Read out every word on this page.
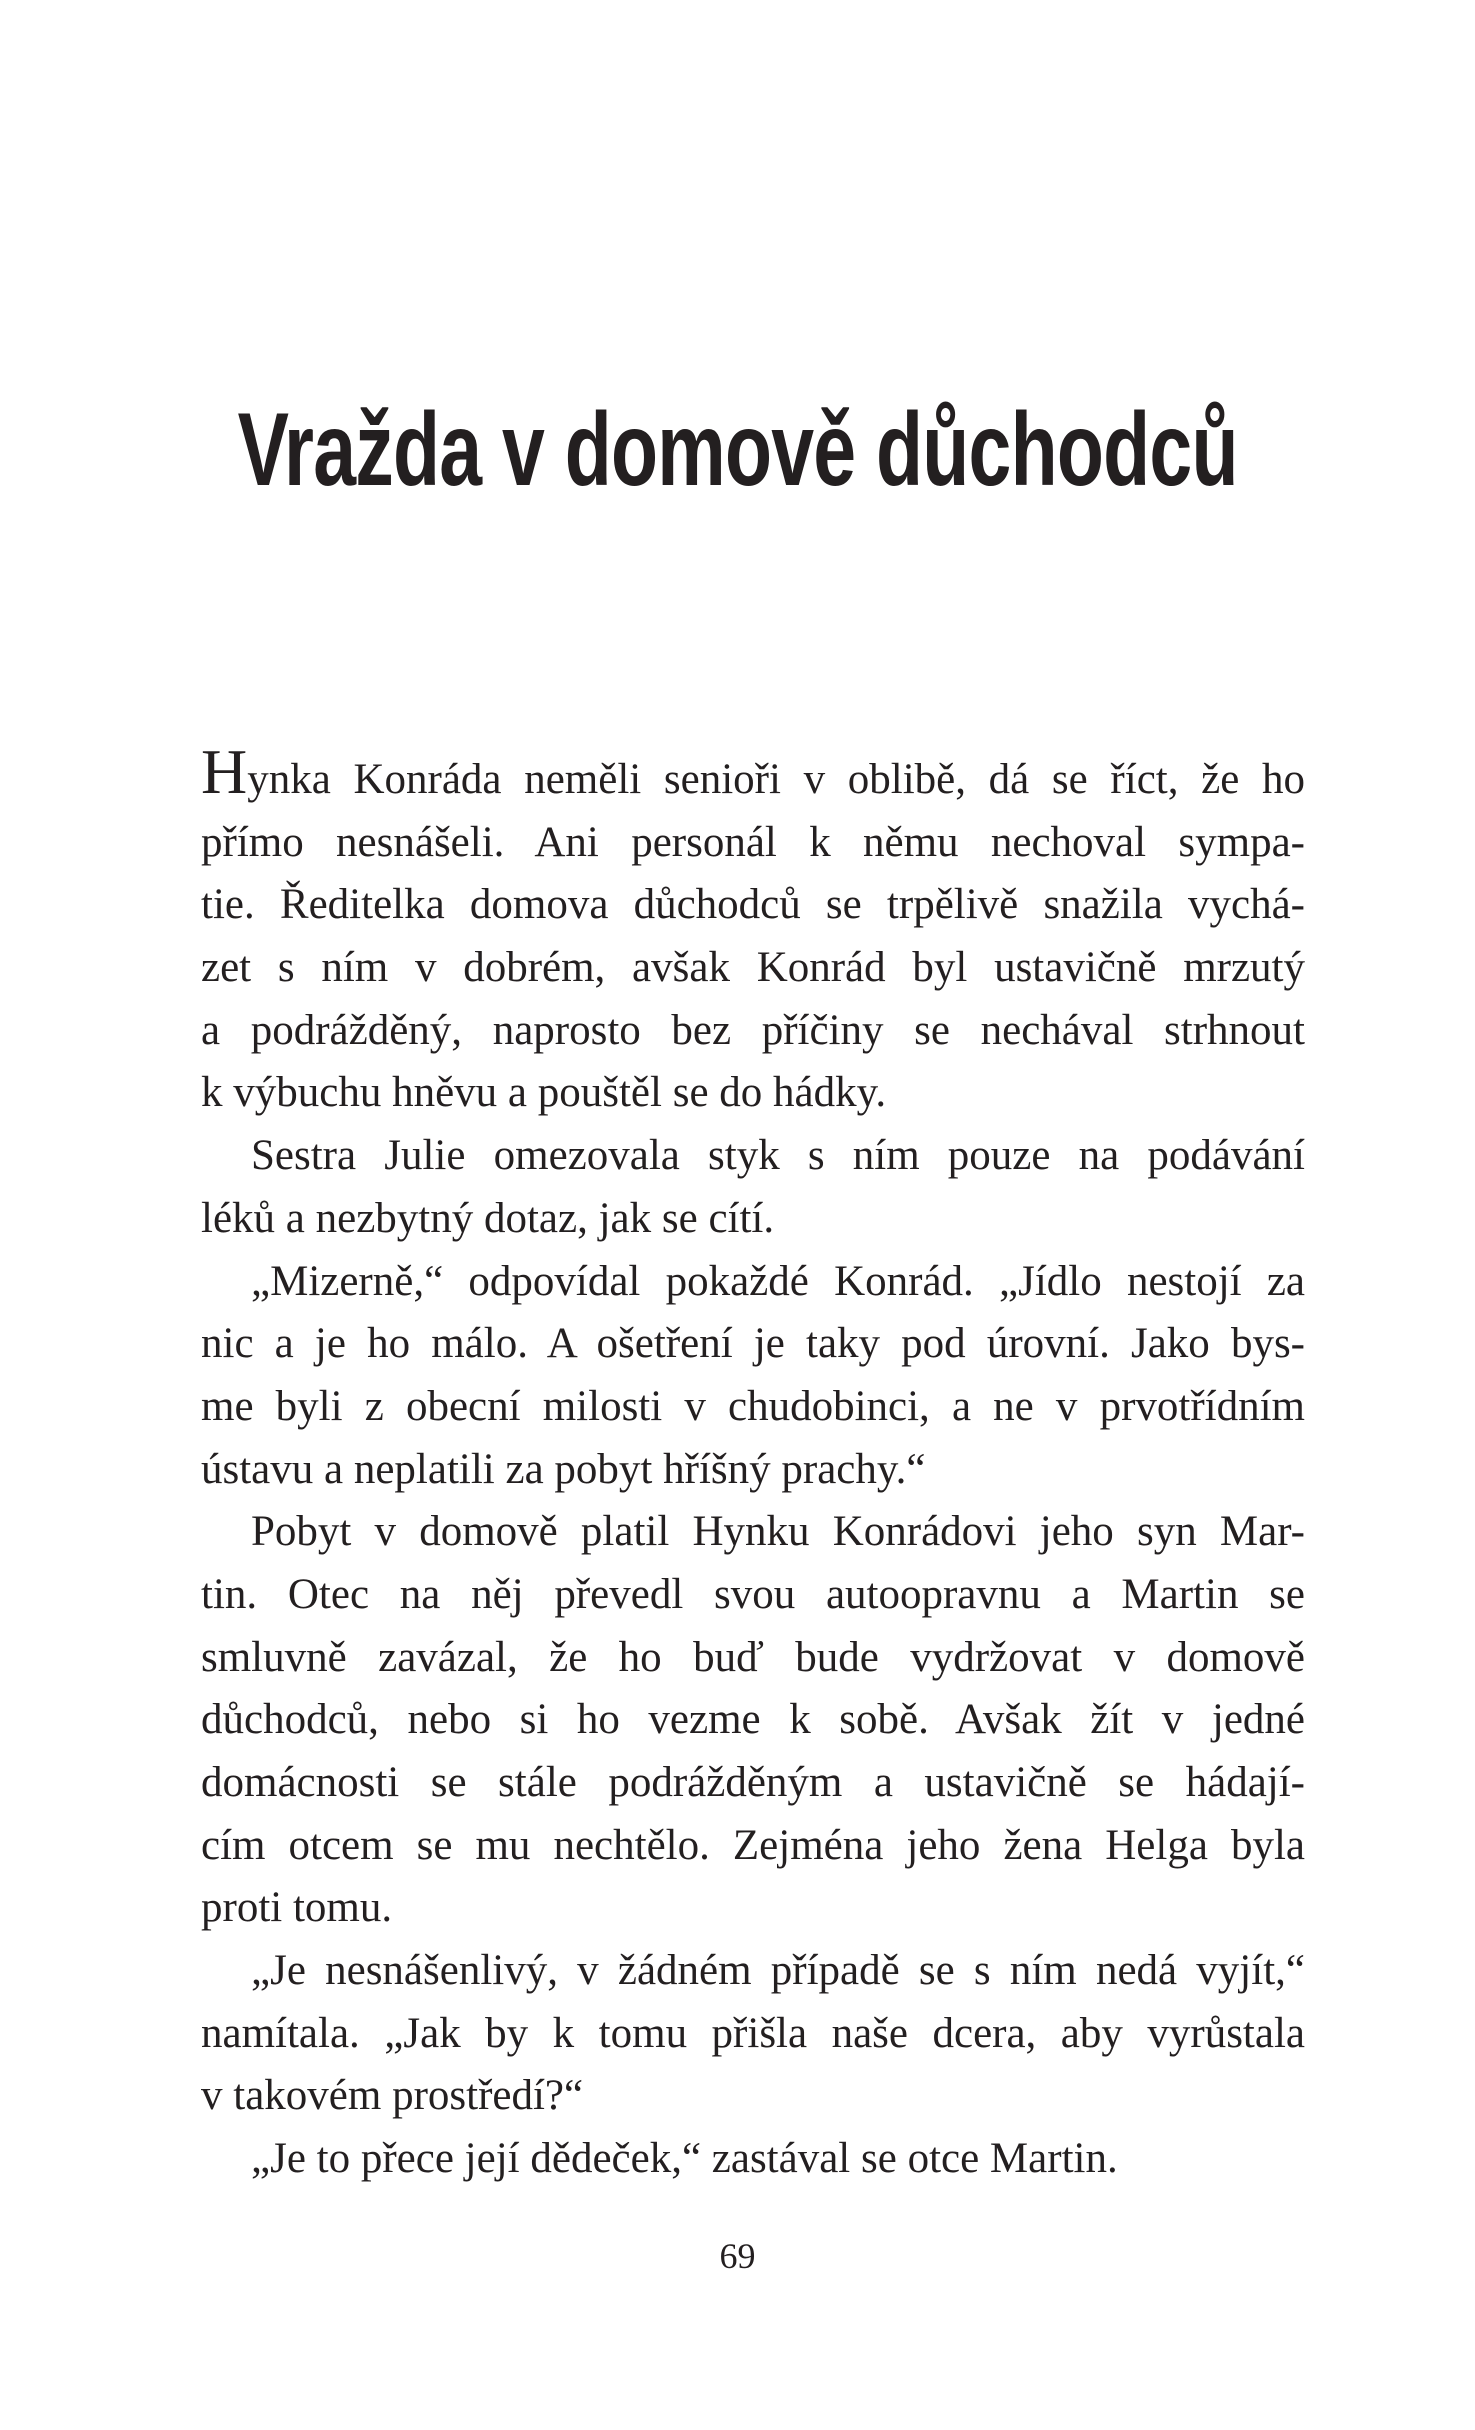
Vražda v domově důchodců
Hynka Konráda neměli senioři v oblibě, dá se říct, že ho
přímo nesnášeli. Ani personál k němu nechoval sympa-
tie. Ředitelka domova důchodců se trpělivě snažila vychá-
zet s ním v dobrém, avšak Konrád byl ustavičně mrzutý
a podrážděný, naprosto bez příčiny se nechával strhnout
k výbuchu hněvu a pouštěl se do hádky.
Sestra Julie omezovala styk s ním pouze na podávání
léků a nezbytný dotaz, jak se cítí.
„Mizerně,“ odpovídal pokaždé Konrád. „Jídlo nestojí za
nic a je ho málo. A ošetření je taky pod úrovní. Jako bys-
me byli z obecní milosti v chudobinci, a ne v prvotřídním
ústavu a neplatili za pobyt hříšný prachy.“
Pobyt v domově platil Hynku Konrádovi jeho syn Mar-
tin. Otec na něj převedl svou autoopravnu a Martin se
smluvně zavázal, že ho buď bude vydržovat v domově
důchodců, nebo si ho vezme k sobě. Avšak žít v jedné
domácnosti se stále podrážděným a ustavičně se hádají-
cím otcem se mu nechtělo. Zejména jeho žena Helga byla
proti tomu.
„Je nesnášenlivý, v žádném případě se s ním nedá vyjít,“
namítala. „Jak by k tomu přišla naše dcera, aby vyrůstala
v takovém prostředí?“
„Je to přece její dědeček,“ zastával se otce Martin.
69
